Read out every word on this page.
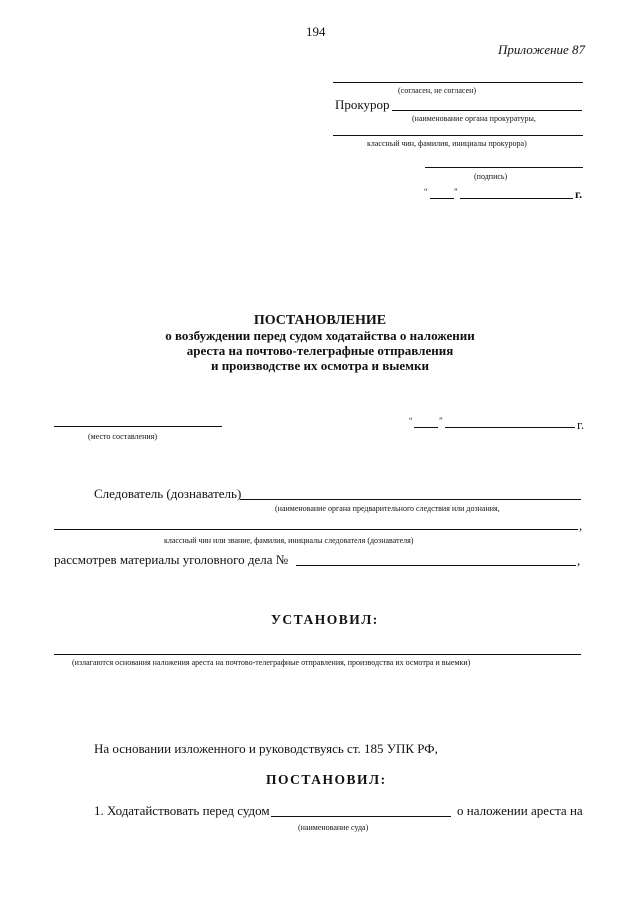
194
Приложение 87
(согласен, не согласен)
Прокурор
(наименование органа прокуратуры,
классный чин, фамилия, инициалы прокурора)
(подпись)
“	”	г.
ПОСТАНОВЛЕНИЕ
о возбуждении перед судом ходатайства о наложении
ареста на почтово-телеграфные отправления
и производстве их осмотра и выемки
(место составления)
“	”	г.
Следователь (дознаватель)
(наименование органа предварительного следствия или дознания,
,
классный чин или звание, фамилия, инициалы следователя (дознавателя)
рассмотрев материалы уголовного дела №	,
УСТАНОВИЛ:
(излагаются основания наложения ареста на почтово-телеграфные отправления, производства их осмотра и выемки)
На основании изложенного и руководствуясь ст. 185 УПК РФ,
ПОСТАНОВИЛ:
1. Ходатайствовать перед судом	о наложении ареста на
(наименование суда)
